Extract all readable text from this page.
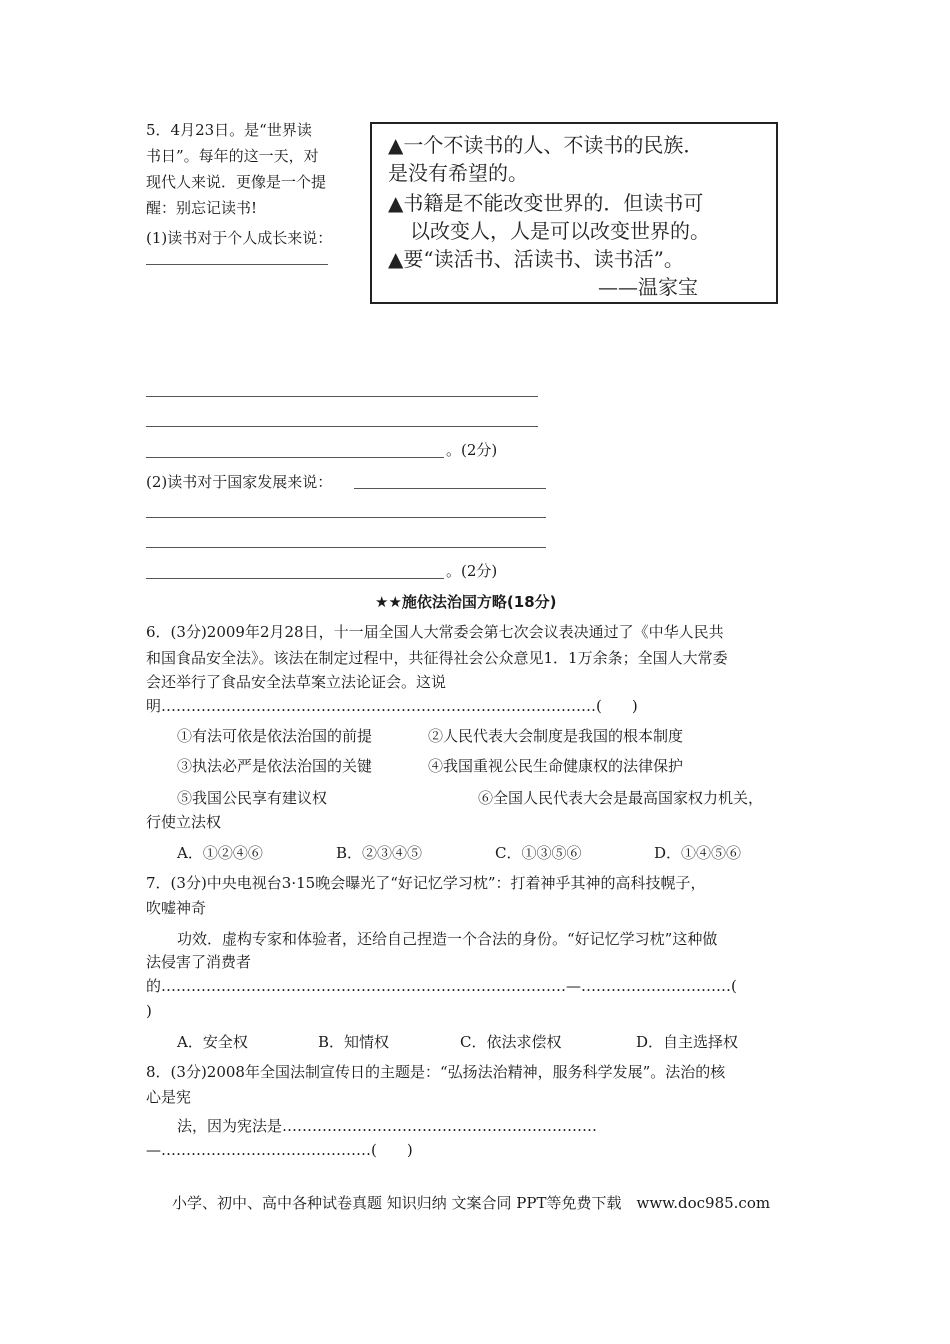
5．4月23日。是“世界读
书日”。每年的这一天，对
现代人来说．更像是一个提
醒：别忘记读书!
(1)读书对于个人成长来说：
▲一个不读书的人、不读书的民族．
是没有希望的。
▲书籍是不能改变世界的．但读书可
以改变人，人是可以改变世界的。
▲要“读活书、活读书、读书活”。
——温家宝
。(2分)
(2)读书对于国家发展来说：
。(2分)
★★施依法治国方略(18分)
6．(3分)2009年2月28日，十一届全国人大常委会第七次会议表决通过了《中华人民共
和国食品安全法》。该法在制定过程中，共征得社会公众意见1．1万余条；全国人大常委
会还举行了食品安全法草案立法论证会。这说
明……………………………………………………………………………(　　)
①有法可依是依法治国的前提	②人民代表大会制度是我国的根本制度
③执法必严是依法治国的关键	④我国重视公民生命健康权的法律保护
⑤我国公民享有建议权	⑥全国人民代表大会是最高国家权力机关，
行使立法权
A．①②④⑥	B．②③④⑤	C．①③⑤⑥	D．①④⑤⑥
7．(3分)中央电视台3·15晚会曝光了“好记忆学习枕”：打着神乎其神的高科技幌子，
吹嘘神奇
功效．虚构专家和体验者，还给自己捏造一个合法的身份。“好记忆学习枕”这种做
法侵害了消费者
的………………………………………………………………………—…………………………(
)
A．安全权	B．知情权	C．依法求偿权	D．自主选择权
8．(3分)2008年全国法制宣传日的主题是：“弘扬法治精神，服务科学发展”。法治的核
心是宪
法，因为宪法是………………………………………………………
—……………………………………(　　)
小学、初中、高中各种试卷真题 知识归纳 文案合同 PPT等免费下载　www.doc985.com
